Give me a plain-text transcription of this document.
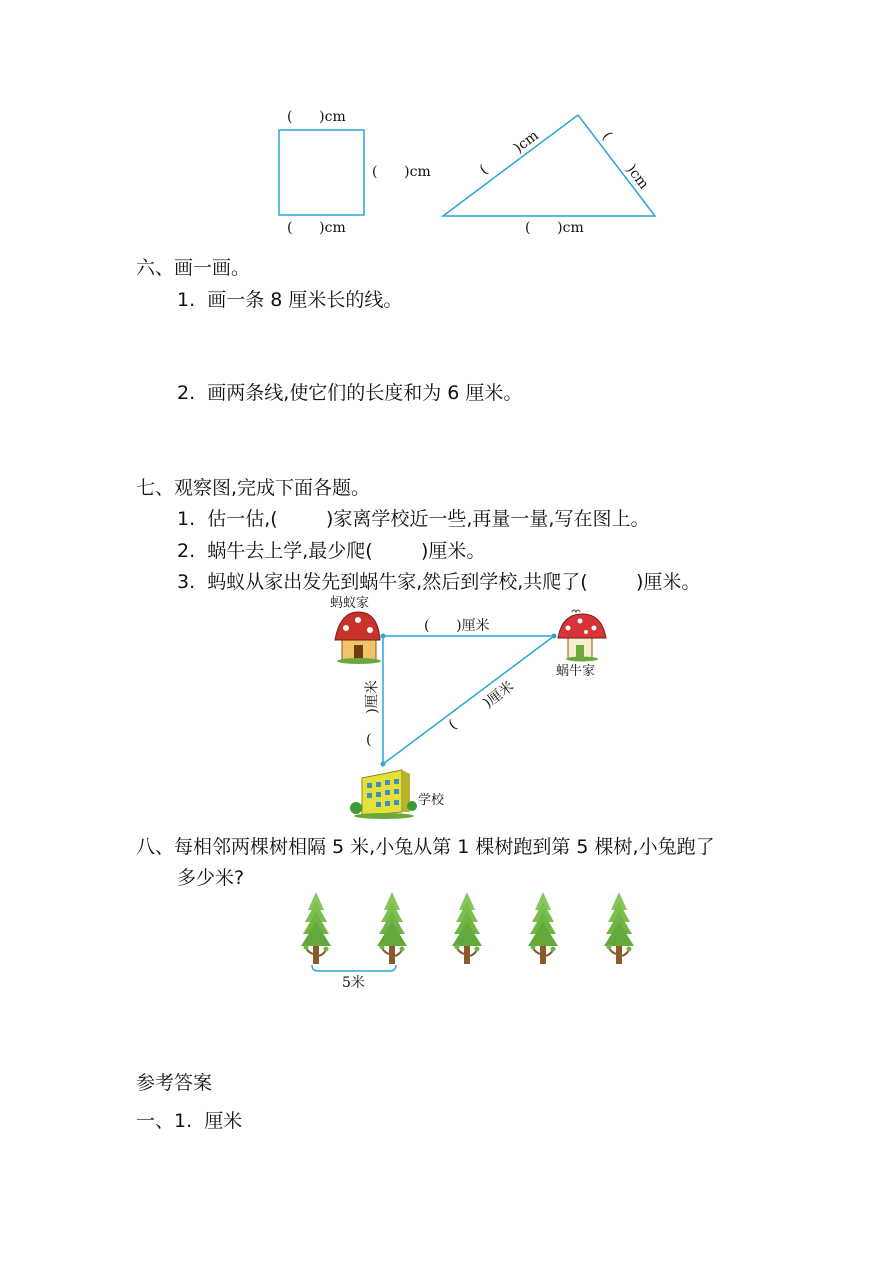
(      )cm
(      )cm
(      )cm
(
)cm	(
)cm
(      )cm
六、画一画。
1.  画一条 8 厘米长的线。
2.  画两条线,使它们的长度和为 6 厘米。
七、观察图,完成下面各题。
1.  估一估,(        )家离学校近一些,再量一量,写在图上。
2.  蜗牛去上学,最少爬(        )厘米。
3.  蚂蚁从家出发先到蜗牛家,然后到学校,共爬了(        )厘米。
蚂蚁家
蜗牛家
学校
(      )厘米
)厘米
(
)厘米
(
八、每相邻两棵树相隔 5 米,小兔从第 1 棵树跑到第 5 棵树,小兔跑了
多少米?
5米
参考答案
一、1.  厘米
